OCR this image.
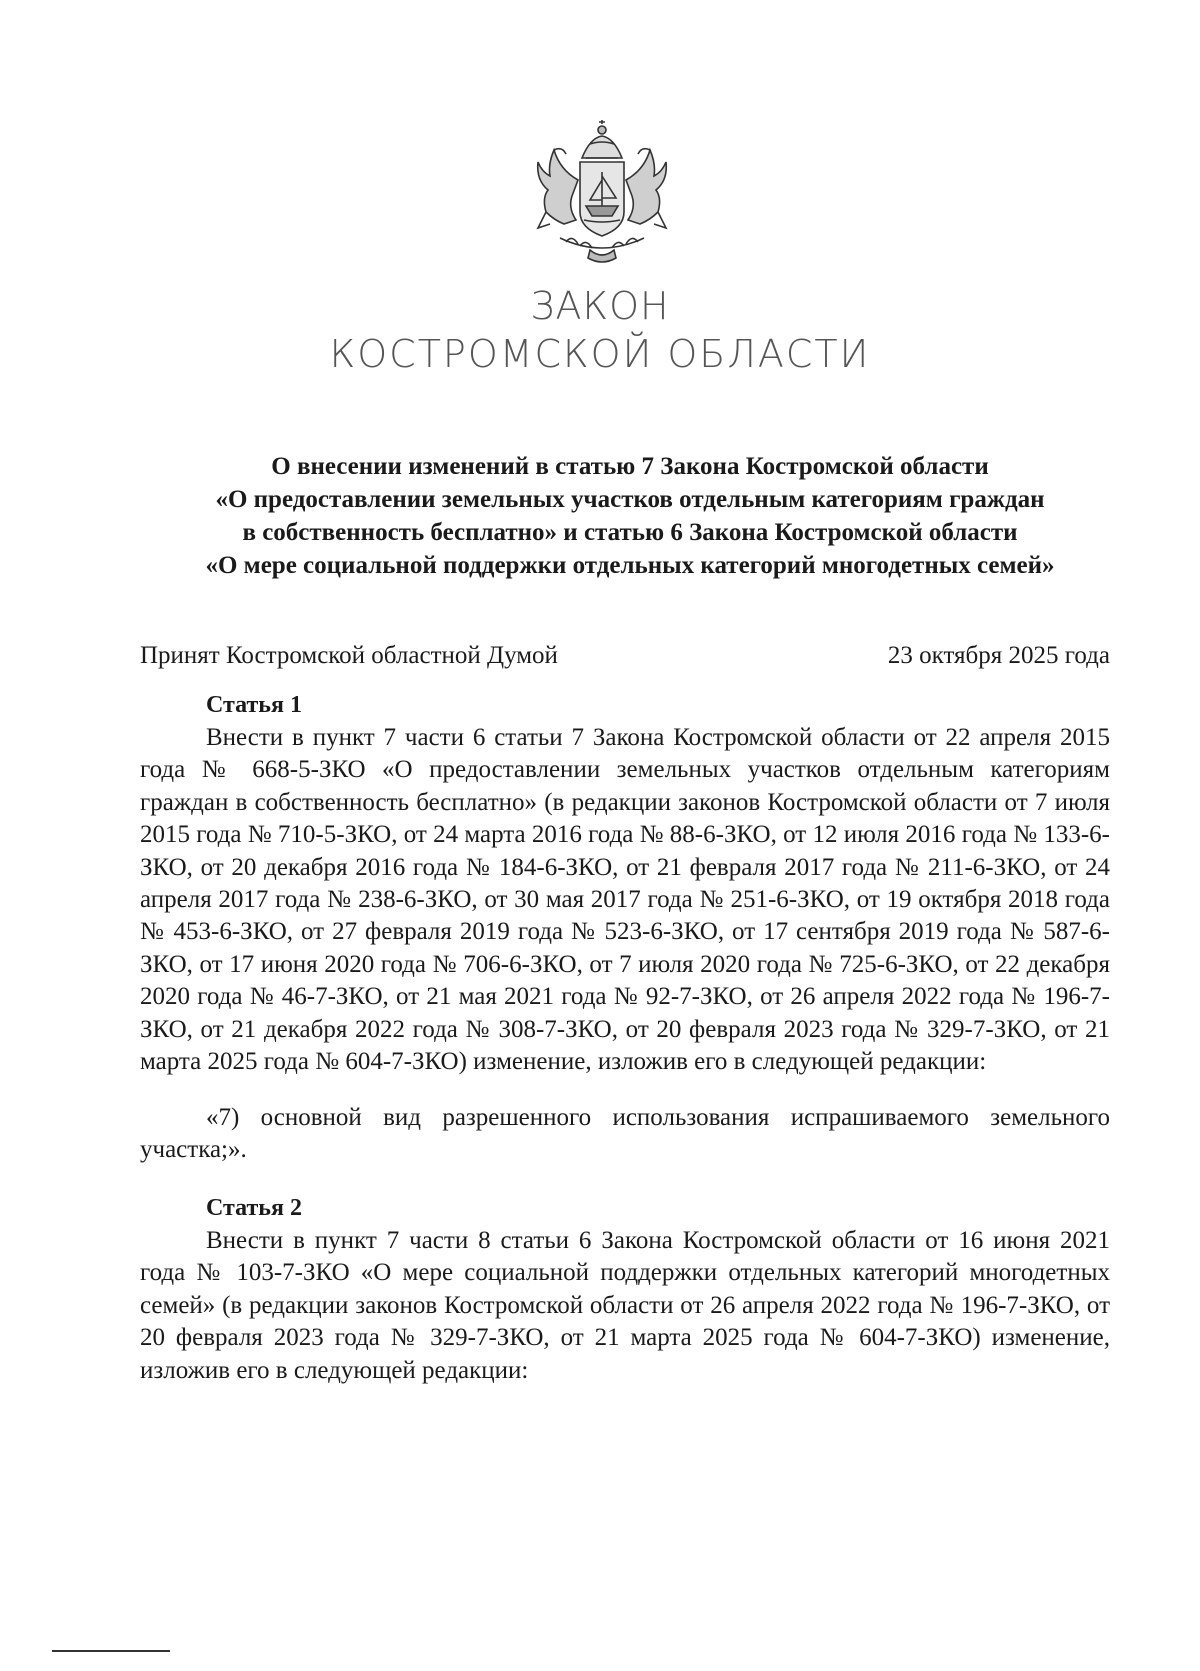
ЗАКОН
КОСТРОМСКОЙ ОБЛАСТИ
О внесении изменений в статью 7 Закона Костромской области
«О предоставлении земельных участков отдельным категориям граждан
в собственность бесплатно» и статью 6 Закона Костромской области
«О мере социальной поддержки отдельных категорий многодетных семей»
Принят Костромской областной Думой	23 октября 2025 года
Статья 1
Внести в пункт 7 части 6 статьи 7 Закона Костромской области от 22 апреля 2015 года № 668-5-ЗКО «О предоставлении земельных участков отдельным категориям граждан в собственность бесплатно» (в редакции законов Костромской области от 7 июля 2015 года № 710-5-ЗКО, от 24 марта 2016 года № 88-6-ЗКО, от 12 июля 2016 года № 133-6-ЗКО, от 20 декабря 2016 года № 184-6-ЗКО, от 21 февраля 2017 года № 211-6-ЗКО, от 24 апреля 2017 года № 238-6-ЗКО, от 30 мая 2017 года № 251-6-ЗКО, от 19 октября 2018 года № 453-6-ЗКО, от 27 февраля 2019 года № 523-6-ЗКО, от 17 сентября 2019 года № 587-6-ЗКО, от 17 июня 2020 года № 706-6-ЗКО, от 7 июля 2020 года № 725-6-ЗКО, от 22 декабря 2020 года № 46-7-ЗКО, от 21 мая 2021 года № 92-7-ЗКО, от 26 апреля 2022 года № 196-7-ЗКО, от 21 декабря 2022 года № 308-7-ЗКО, от 20 февраля 2023 года № 329-7-ЗКО, от 21 марта 2025 года № 604-7-ЗКО) изменение, изложив его в следующей редакции:
«7) основной вид разрешенного использования испрашиваемого земельного участка;».
Статья 2
Внести в пункт 7 части 8 статьи 6 Закона Костромской области от 16 июня 2021 года № 103-7-ЗКО «О мере социальной поддержки отдельных категорий многодетных семей» (в редакции законов Костромской области от 26 апреля 2022 года № 196-7-ЗКО, от 20 февраля 2023 года № 329-7-ЗКО, от 21 марта 2025 года № 604-7-ЗКО) изменение, изложив его в следующей редакции:
